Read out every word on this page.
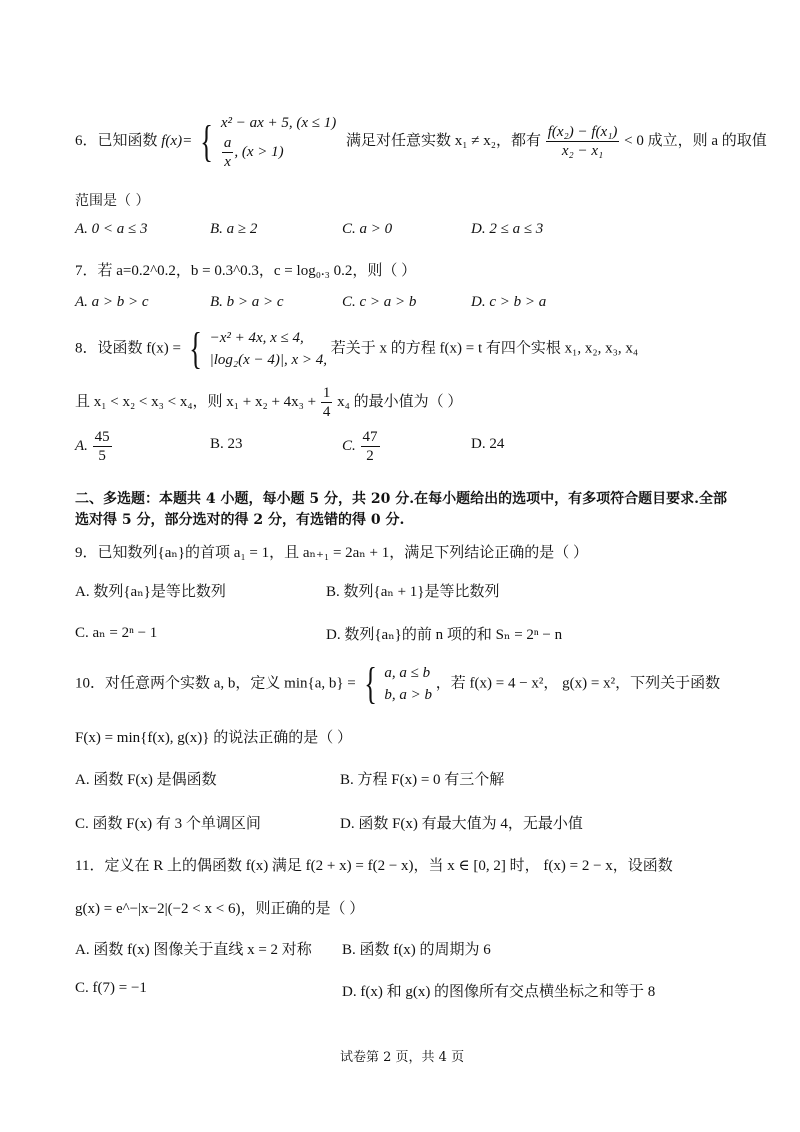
6．已知函数 f(x)= { x² − ax + 5, (x ≤ 1)
$\frac{a}{x}$ , (x > 1)
满足对任意实数 x₁ ≠ x₂，都有 $\frac{\text{f(x₂) − f(x₁)}}{\text{x₂ − x₁}} < 0$ 成立，则 a 的取值
范围是（ ）
A. 0 < a ≤ 3	B. a ≥ 2	C. a > 0	D. 2 ≤ a ≤ 3
7．若 a=0.2^0.2，b = 0.3^0.3，c = log₀.₃ 0.2，则（ ）
A. a > b > c	B. b > a > c	C. c > a > b	D. c > b > a
8．设函数 f(x) = { −x² + 4x, x ≤ 4,
|log₂(x − 4)|, x > 4,
若关于 x 的方程 f(x) = t 有四个实根 x₁, x₂, x₃, x₄
且 x₁ < x₂ < x₃ < x₄，则 $x_1 + x_2 + 4x_3 + \frac{1}{4} x_4$ 的最小值为（ ）
A. $\frac{45}{5}$	B. 23	C. $\frac{47}{2}$	D. 24
二、多选题：本题共 4 小题，每小题 5 分，共 20 分.在每小题给出的选项中，有多项符合题目要求.全部
选对得 5 分，部分选对的得 2 分，有选错的得 0 分.
9．已知数列{aₙ}的首项 a₁ = 1，且 aₙ₊₁ = 2aₙ + 1，满足下列结论正确的是（ ）
A. 数列{aₙ}是等比数列	B. 数列{aₙ + 1}是等比数列
C. aₙ = 2ⁿ − 1	D. 数列{aₙ}的前 n 项的和 Sₙ = 2ⁿ − n
10．对任意两个实数 a, b，定义 min{a, b} = { a, a ≤ b
b, a > b
，若 f(x) = 4 − x²， g(x) = x²，下列关于函数
F(x) = min{f(x), g(x)} 的说法正确的是（ ）
A. 函数 F(x) 是偶函数	B. 方程 F(x) = 0 有三个解
C. 函数 F(x) 有 3 个单调区间	D. 函数 F(x) 有最大值为 4，无最小值
11．定义在 R 上的偶函数 f(x) 满足 f(2 + x) = f(2 − x)，当 x ∈ [0, 2] 时， f(x) = 2 − x，设函数
g(x) = e^−|x−2|(−2 < x < 6)，则正确的是（ ）
A. 函数 f(x) 图像关于直线 x = 2 对称 B. 函数 f(x) 的周期为 6
C. f(7) = −1	D. f(x) 和 g(x) 的图像所有交点横坐标之和等于 8
试卷第 2 页，共 4 页
